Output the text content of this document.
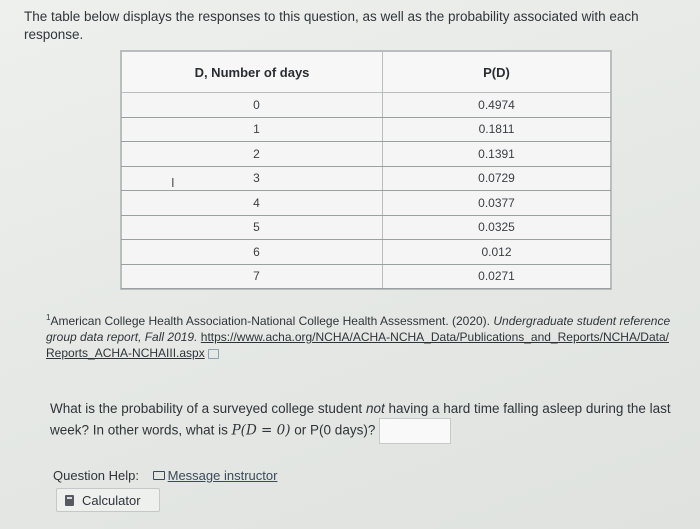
The table below displays the responses to this question, as well as the probability associated with each response.
D, Number of days	P(D)
0	0.4974
1	0.1811
2	0.1391
3	0.0729
4	0.0377
5	0.0325
6	0.012
7	0.0271
I
$^1$American College Health Association-National College Health Assessment. (2020). Undergraduate student reference group data report, Fall 2019. https://www.acha.org/NCHA/ACHA-NCHA_Data/Publications_and_Reports/NCHA/Data/Reports_ACHA-NCHAIII.aspx
What is the probability of a surveyed college student not having a hard time falling asleep during the last week? In other words, what is P(D = 0) or P(0 days)?
Question Help: Message instructor
Calculator
